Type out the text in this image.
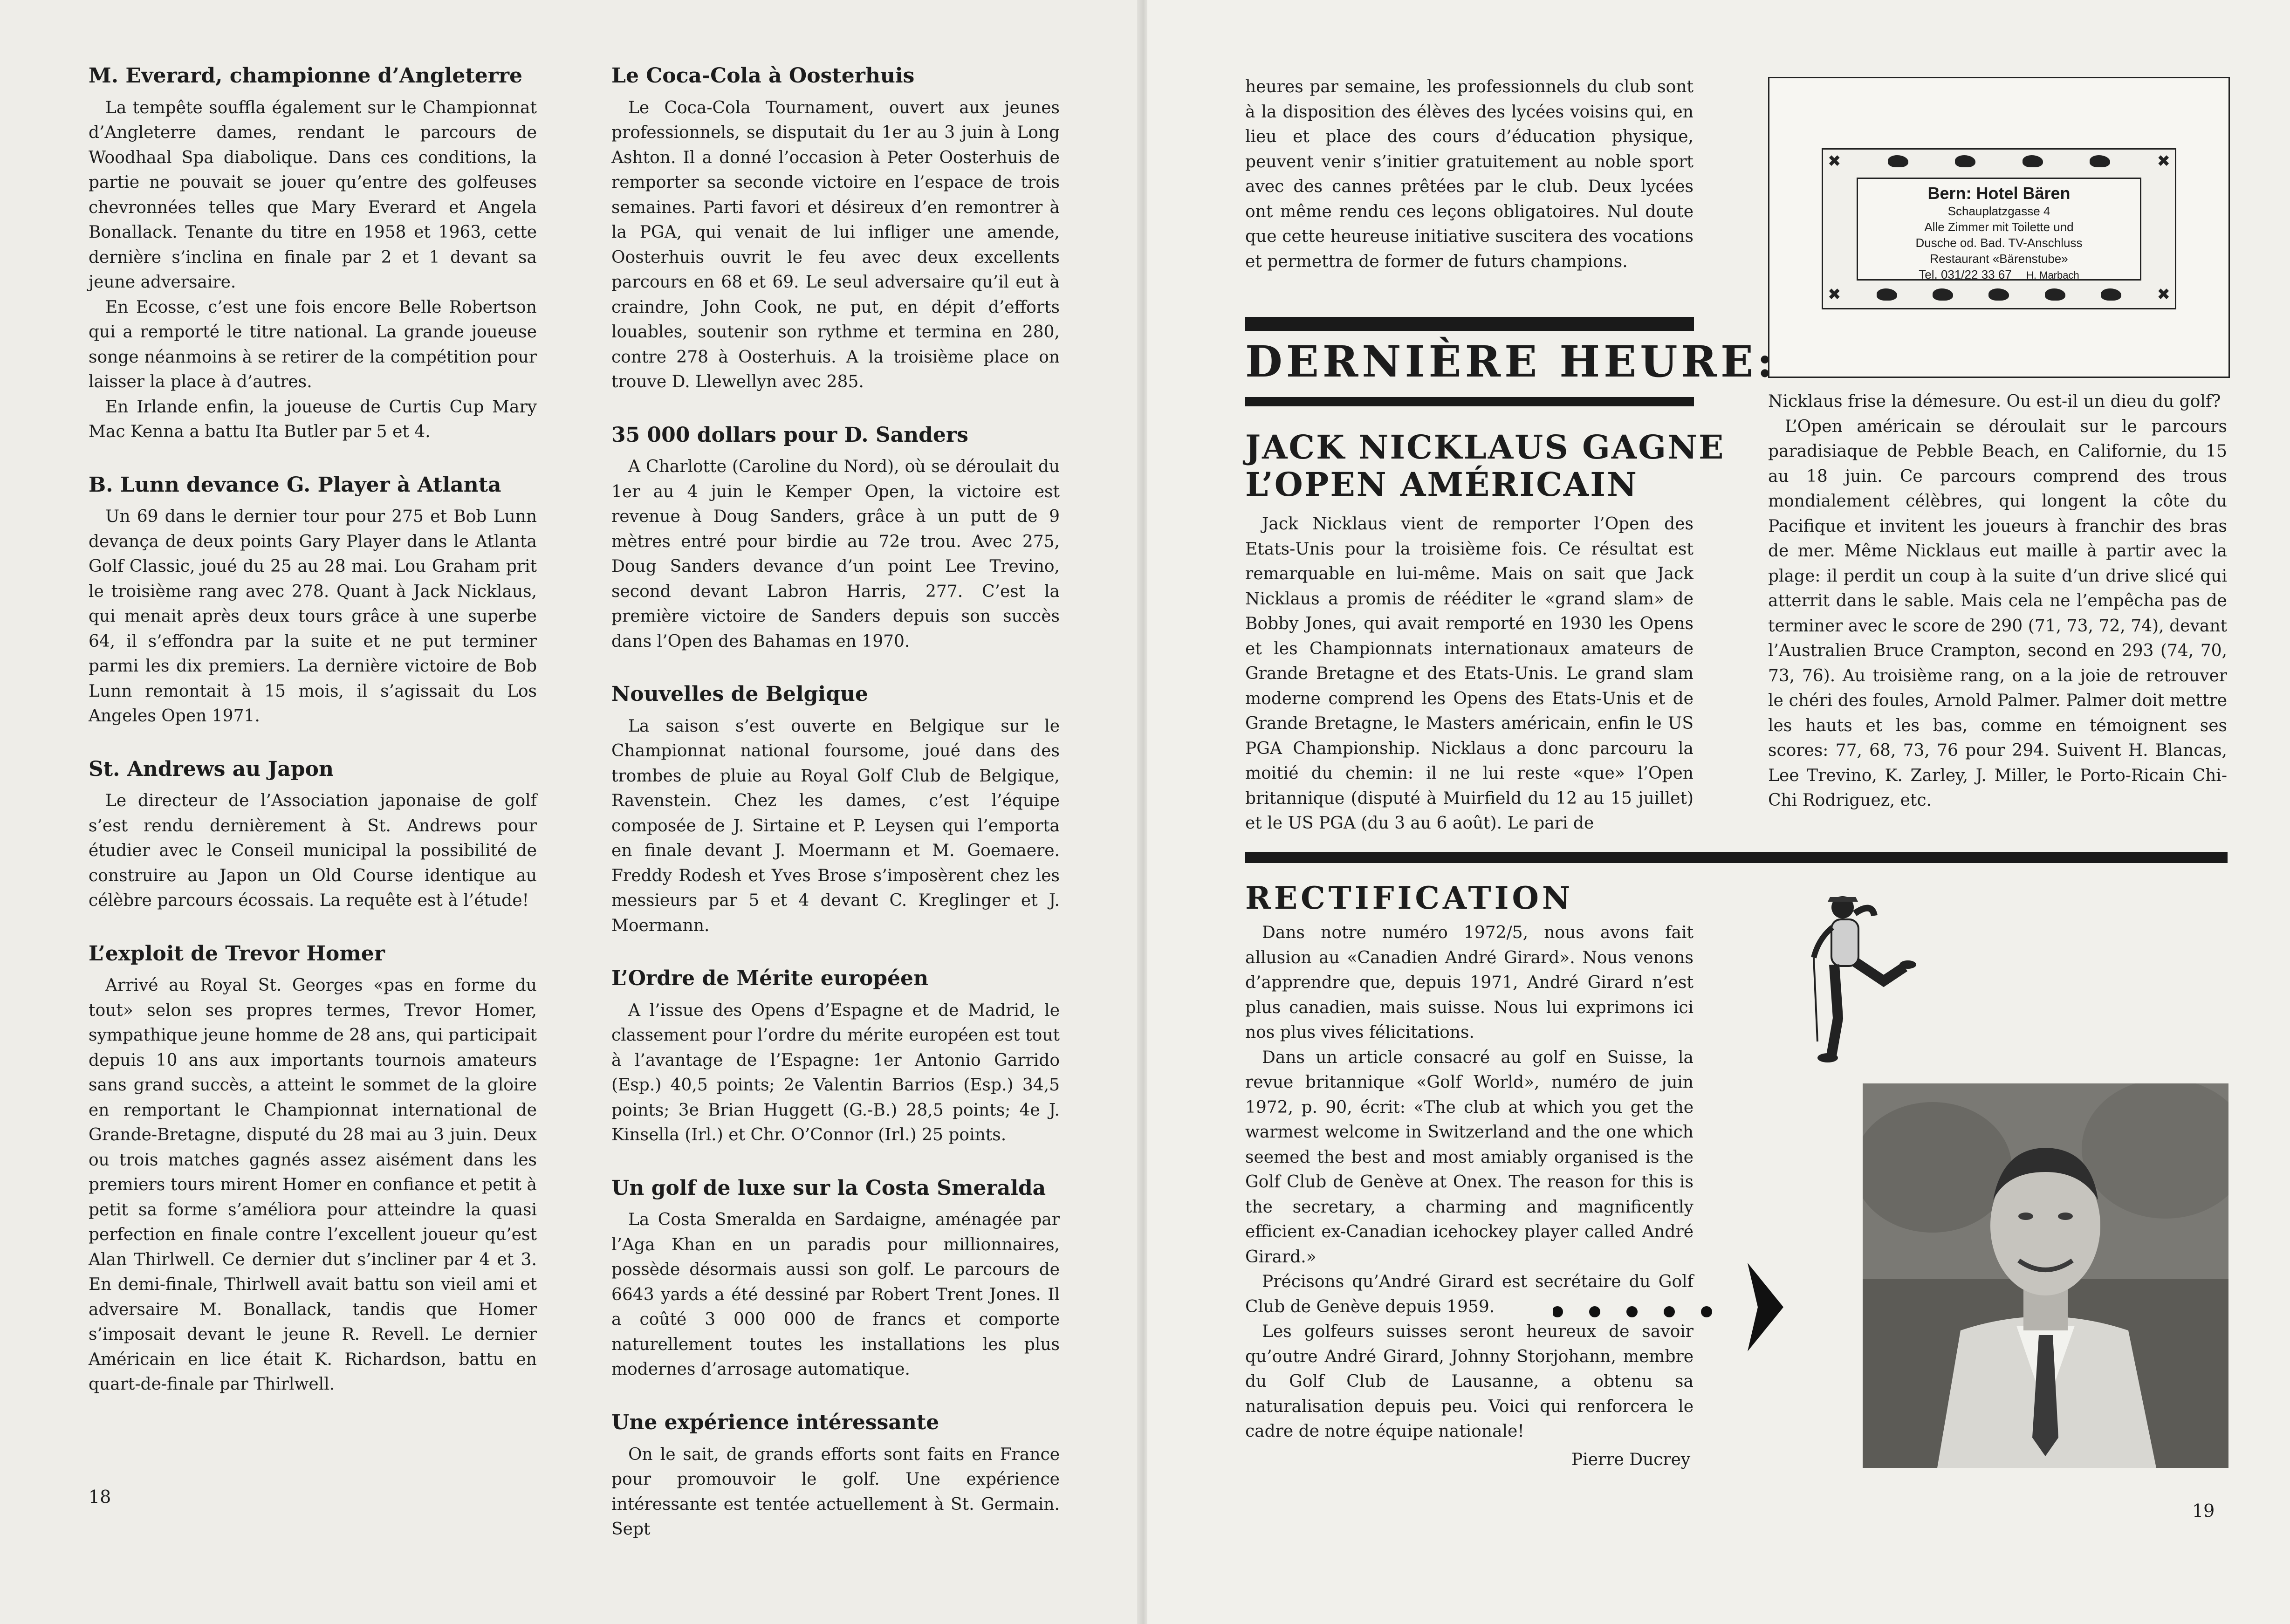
M. Everard, championne d’Angleterre

La tempête souffla également sur le Championnat d’Angleterre dames, rendant le parcours de Woodhaal Spa diabolique. Dans ces conditions, la partie ne pouvait se jouer qu’entre des golfeuses chevronnées telles que Mary Everard et Angela Bonallack. Tenante du titre en 1958 et 1963, cette dernière s’inclina en finale par 2 et 1 devant sa jeune adversaire.

En Ecosse, c’est une fois encore Belle Robertson qui a remporté le titre national. La grande joueuse songe néanmoins à se retirer de la compétition pour laisser la place à d’autres.

En Irlande enfin, la joueuse de Curtis Cup Mary Mac Kenna a battu Ita Butler par 5 et 4.

B. Lunn devance G. Player à Atlanta

Un 69 dans le dernier tour pour 275 et Bob Lunn devança de deux points Gary Player dans le Atlanta Golf Classic, joué du 25 au 28 mai. Lou Graham prit le troisième rang avec 278. Quant à Jack Nicklaus, qui menait après deux tours grâce à une superbe 64, il s’effondra par la suite et ne put terminer parmi les dix premiers. La dernière victoire de Bob Lunn remontait à 15 mois, il s’agissait du Los Angeles Open 1971.

St. Andrews au Japon

Le directeur de l’Association japonaise de golf s’est rendu dernièrement à St. Andrews pour étudier avec le Conseil municipal la possibilité de construire au Japon un Old Course identique au célèbre parcours écossais. La requête est à l’étude!

L’exploit de Trevor Homer

Arrivé au Royal St. Georges «pas en forme du tout» selon ses propres termes, Trevor Homer, sympathique jeune homme de 28 ans, qui participait depuis 10 ans aux importants tournois amateurs sans grand succès, a atteint le sommet de la gloire en remportant le Championnat international de Grande-Bretagne, disputé du 28 mai au 3 juin. Deux ou trois matches gagnés assez aisément dans les premiers tours mirent Homer en confiance et petit à petit sa forme s’améliora pour atteindre la quasi perfection en finale contre l’excellent joueur qu’est Alan Thirlwell. Ce dernier dut s’incliner par 4 et 3. En demi-finale, Thirlwell avait battu son vieil ami et adversaire M. Bonallack, tandis que Homer s’imposait devant le jeune R. Revell. Le dernier Américain en lice était K. Richardson, battu en quart-de-finale par Thirlwell.

Le Coca-Cola à Oosterhuis

Le Coca-Cola Tournament, ouvert aux jeunes professionnels, se disputait du 1er au 3 juin à Long Ashton. Il a donné l’occasion à Peter Oosterhuis de remporter sa seconde victoire en l’espace de trois semaines. Parti favori et désireux d’en remontrer à la PGA, qui venait de lui infliger une amende, Oosterhuis ouvrit le feu avec deux excellents parcours en 68 et 69. Le seul adversaire qu’il eut à craindre, John Cook, ne put, en dépit d’efforts louables, soutenir son rythme et termina en 280, contre 278 à Oosterhuis. A la troisième place on trouve D. Llewellyn avec 285.

35 000 dollars pour D. Sanders

A Charlotte (Caroline du Nord), où se déroulait du 1er au 4 juin le Kemper Open, la victoire est revenue à Doug Sanders, grâce à un putt de 9 mètres entré pour birdie au 72e trou. Avec 275, Doug Sanders devance d’un point Lee Trevino, second devant Labron Harris, 277. C’est la première victoire de Sanders depuis son succès dans l’Open des Bahamas en 1970.

Nouvelles de Belgique

La saison s’est ouverte en Belgique sur le Championnat national foursome, joué dans des trombes de pluie au Royal Golf Club de Belgique, Ravenstein. Chez les dames, c’est l’équipe composée de J. Sirtaine et P. Leysen qui l’emporta en finale devant J. Moermann et M. Goemaere. Freddy Rodesh et Yves Brose s’imposèrent chez les messieurs par 5 et 4 devant C. Kreglinger et J. Moermann.

L’Ordre de Mérite européen

A l’issue des Opens d’Espagne et de Madrid, le classement pour l’ordre du mérite européen est tout à l’avantage de l’Espagne: 1er Antonio Garrido (Esp.) 40,5 points; 2e Valentin Barrios (Esp.) 34,5 points; 3e Brian Huggett (G.-B.) 28,5 points; 4e J. Kinsella (Irl.) et Chr. O’Connor (Irl.) 25 points.

Un golf de luxe sur la Costa Smeralda

La Costa Smeralda en Sardaigne, aménagée par l’Aga Khan en un paradis pour millionnaires, possède désormais aussi son golf. Le parcours de 6643 yards a été dessiné par Robert Trent Jones. Il a coûté 3 000 000 de francs et comporte naturellement toutes les installations les plus modernes d’arrosage automatique.

Une expérience intéressante

On le sait, de grands efforts sont faits en France pour promouvoir le golf. Une expérience intéressante est tentée actuellement à St. Germain. Sept

18

heures par semaine, les professionnels du club sont à la disposition des élèves des lycées voisins qui, en lieu et place des cours d’éducation physique, peuvent venir s’initier gratuitement au noble sport avec des cannes prêtées par le club. Deux lycées ont même rendu ces leçons obligatoires. Nul doute que cette heureuse initiative suscitera des vocations et permettra de former de futurs champions.

✖	✖
✖	✖
Bern: Hotel Bären
Schauplatzgasse 4
Alle Zimmer mit Toilette und
Dusche od. Bad. TV-Anschluss
Restaurant «Bärenstube»
Tel. 031/22 33 67 H. Marbach
DERNIÈRE HEURE:
JACK NICKLAUS GAGNE
L’OPEN AMÉRICAIN

Jack Nicklaus vient de remporter l’Open des Etats-Unis pour la troisième fois. Ce résultat est remarquable en lui-même. Mais on sait que Jack Nicklaus a promis de rééditer le «grand slam» de Bobby Jones, qui avait remporté en 1930 les Opens et les Championnats internationaux amateurs de Grande Bretagne et des Etats-Unis. Le grand slam moderne comprend les Opens des Etats-Unis et de Grande Bretagne, le Masters américain, enfin le US PGA Championship. Nicklaus a donc parcouru la moitié du chemin: il ne lui reste «que» l’Open britannique (disputé à Muirfield du 12 au 15 juillet) et le US PGA (du 3 au 6 août). Le pari de

Nicklaus frise la démesure. Ou est-il un dieu du golf?

L’Open américain se déroulait sur le parcours paradisiaque de Pebble Beach, en Californie, du 15 au 18 juin. Ce parcours comprend des trous mondialement célèbres, qui longent la côte du Pacifique et invitent les joueurs à franchir des bras de mer. Même Nicklaus eut maille à partir avec la plage: il perdit un coup à la suite d’un drive slicé qui atterrit dans le sable. Mais cela ne l’empêcha pas de terminer avec le score de 290 (71, 73, 72, 74), devant l’Australien Bruce Crampton, second en 293 (74, 70, 73, 76). Au troisième rang, on a la joie de retrouver le chéri des foules, Arnold Palmer. Palmer doit mettre les hauts et les bas, comme en témoignent ses scores: 77, 68, 73, 76 pour 294. Suivent H. Blancas, Lee Trevino, K. Zarley, J. Miller, le Porto-Ricain Chi-Chi Rodriguez, etc.

RECTIFICATION

Dans notre numéro 1972/5, nous avons fait allusion au «Canadien André Girard». Nous venons d’apprendre que, depuis 1971, André Girard n’est plus canadien, mais suisse. Nous lui exprimons ici nos plus vives félicitations.

Dans un article consacré au golf en Suisse, la revue britannique «Golf World», numéro de juin 1972, p. 90, écrit: «The club at which you get the warmest welcome in Switzerland and the one which seemed the best and most amiably organised is the Golf Club de Genève at Onex. The reason for this is the secretary, a charming and magnificently efficient ex-Canadian icehockey player called André Girard.»

Précisons qu’André Girard est secrétaire du Golf Club de Genève depuis 1959.

Les golfeurs suisses seront heureux de savoir qu’outre André Girard, Johnny Storjohann, membre du Golf Club de Lausanne, a obtenu sa naturalisation depuis peu. Voici qui renforcera le cadre de notre équipe nationale!

Pierre Ducrey
19
